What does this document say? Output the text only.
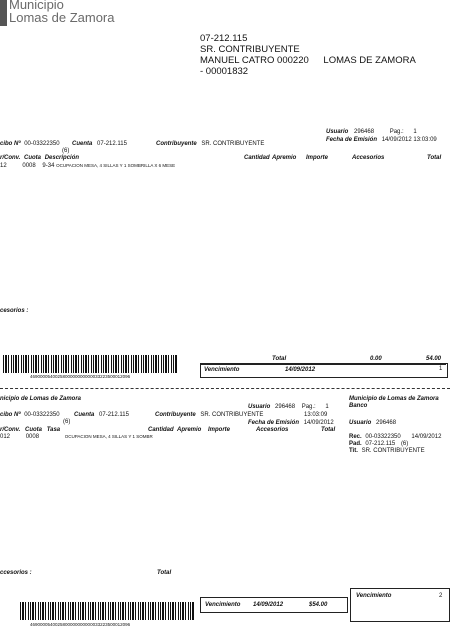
Municipio
Lomas de Zamora
07-212.115
SR. CONTRIBUYENTE
MANUEL CATRO 000220 LOMAS DE ZAMORA
- 00001832
Usuario 296468	Pag.: 1
Fecha de Emisión 14/09/2012 13:03:09
cibo Nº 00-03322350 Cuenta 07-212.115	Contribuyente SR. CONTRIBUYENTE
(6)
r/Conv. Cuota Descripción	Cantidad Apremio Importe	Accesorios	Total
12	0008 9-34 OCUPACION MESA, 4 SILLAS Y 1 SOMBRILLA X 6 MESE
cesorios :
Total	0.00	54.00
4690000540025800000000000033223500012096
Vencimiento	14/09/2012	1
nicipio de Lomas de Zamora
Usuario 296468 Pag.: 1
cibo Nº 00-03322350 Cuenta 07-212.115	Contribuyente SR. CONTRIBUYENTE	13:03:09
(6)	Fecha de Emisión 14/09/2012
r/Conv. Cuota Tasa	Cantidad Apremio Importe	Accesorios	Total
012	0008	OCUPACION MESA, 4 SILLAS Y 1 SOMBR
Municipio de Lomas de Zamora
Banco
Usuario 296468
Rec. 00-03322350 14/09/2012
Pad. 07-212.115 (6)
Tit. SR. CONTRIBUYENTE
ccesorios :	Total
Vencimiento 14/09/2012	$54.00
Vencimiento	2
4690000540025800000000000033223500012096
